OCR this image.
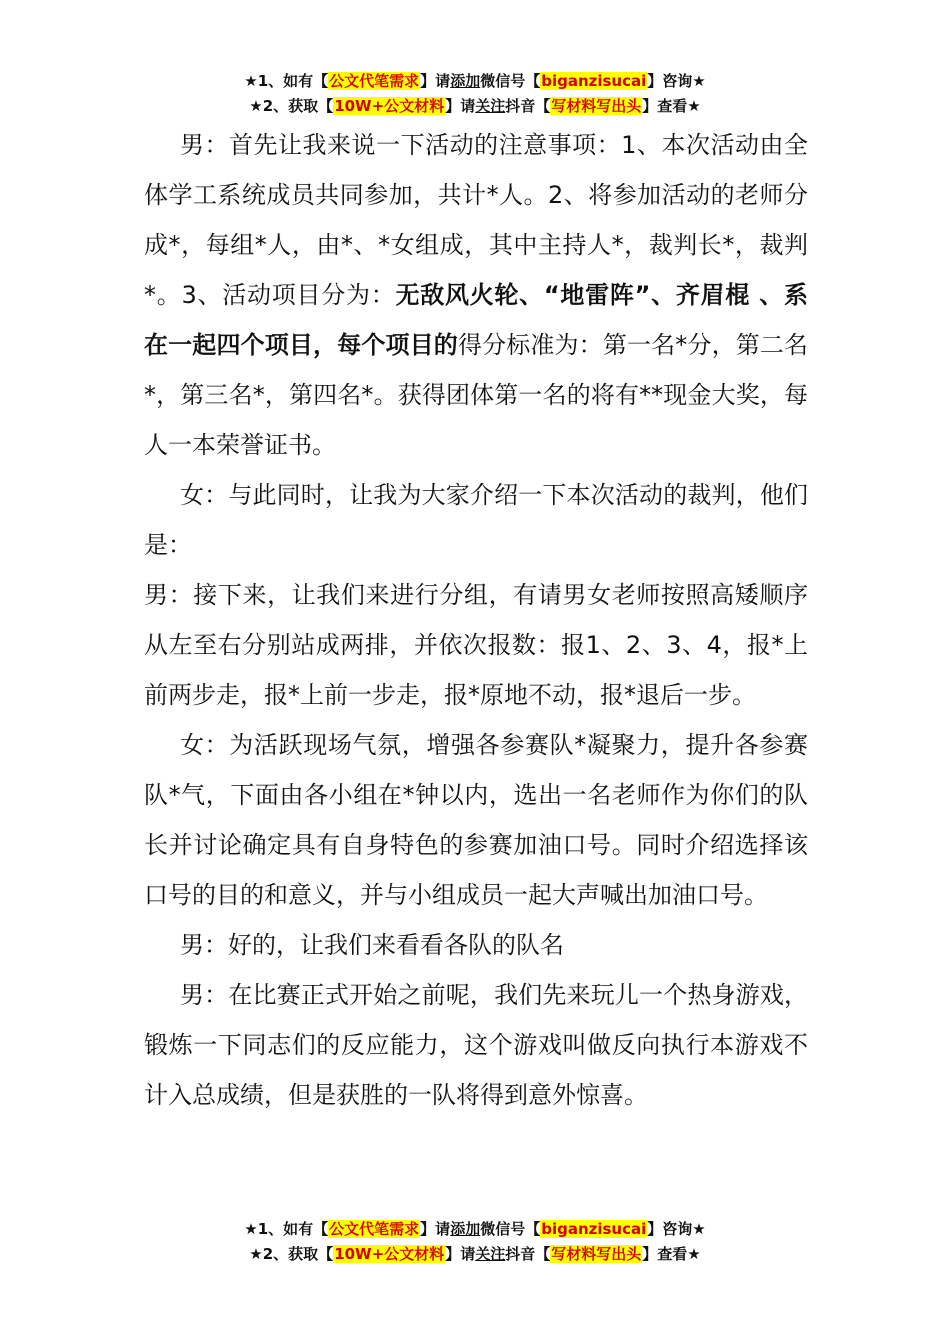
★1、如有【公文代笔需求】请添加微信号【biganzisucai】咨询★
★2、获取【10W+公文材料】请关注抖音【写材料写出头】查看★

男：首先让我来说一下活动的注意事项：1、本次活动由全体学工系统成员共同参加，共计*人。2、将参加活动的老师分成*，每组*人，由*、*女组成，其中主持人*，裁判长*，裁判*。3、活动项目分为：无敌风火轮、“地雷阵”、齐眉棍 、系在一起四个项目，每个项目的得分标准为：第一名*分，第二名*，第三名*，第四名*。获得团体第一名的将有**现金大奖，每人一本荣誉证书。

女：与此同时，让我为大家介绍一下本次活动的裁判，他们是：

男：接下来，让我们来进行分组，有请男女老师按照高矮顺序从左至右分别站成两排，并依次报数：报1、2、3、4，报*上前两步走，报*上前一步走，报*原地不动，报*退后一步。

女：为活跃现场气氛，增强各参赛队*凝聚力，提升各参赛队*气，下面由各小组在*钟以内，选出一名老师作为你们的队长并讨论确定具有自身特色的参赛加油口号。同时介绍选择该口号的目的和意义，并与小组成员一起大声喊出加油口号。

男：好的，让我们来看看各队的队名

男：在比赛正式开始之前呢，我们先来玩儿一个热身游戏，锻炼一下同志们的反应能力，这个游戏叫做反向执行本游戏不计入总成绩，但是获胜的一队将得到意外惊喜。

★1、如有【公文代笔需求】请添加微信号【biganzisucai】咨询★
★2、获取【10W+公文材料】请关注抖音【写材料写出头】查看★
